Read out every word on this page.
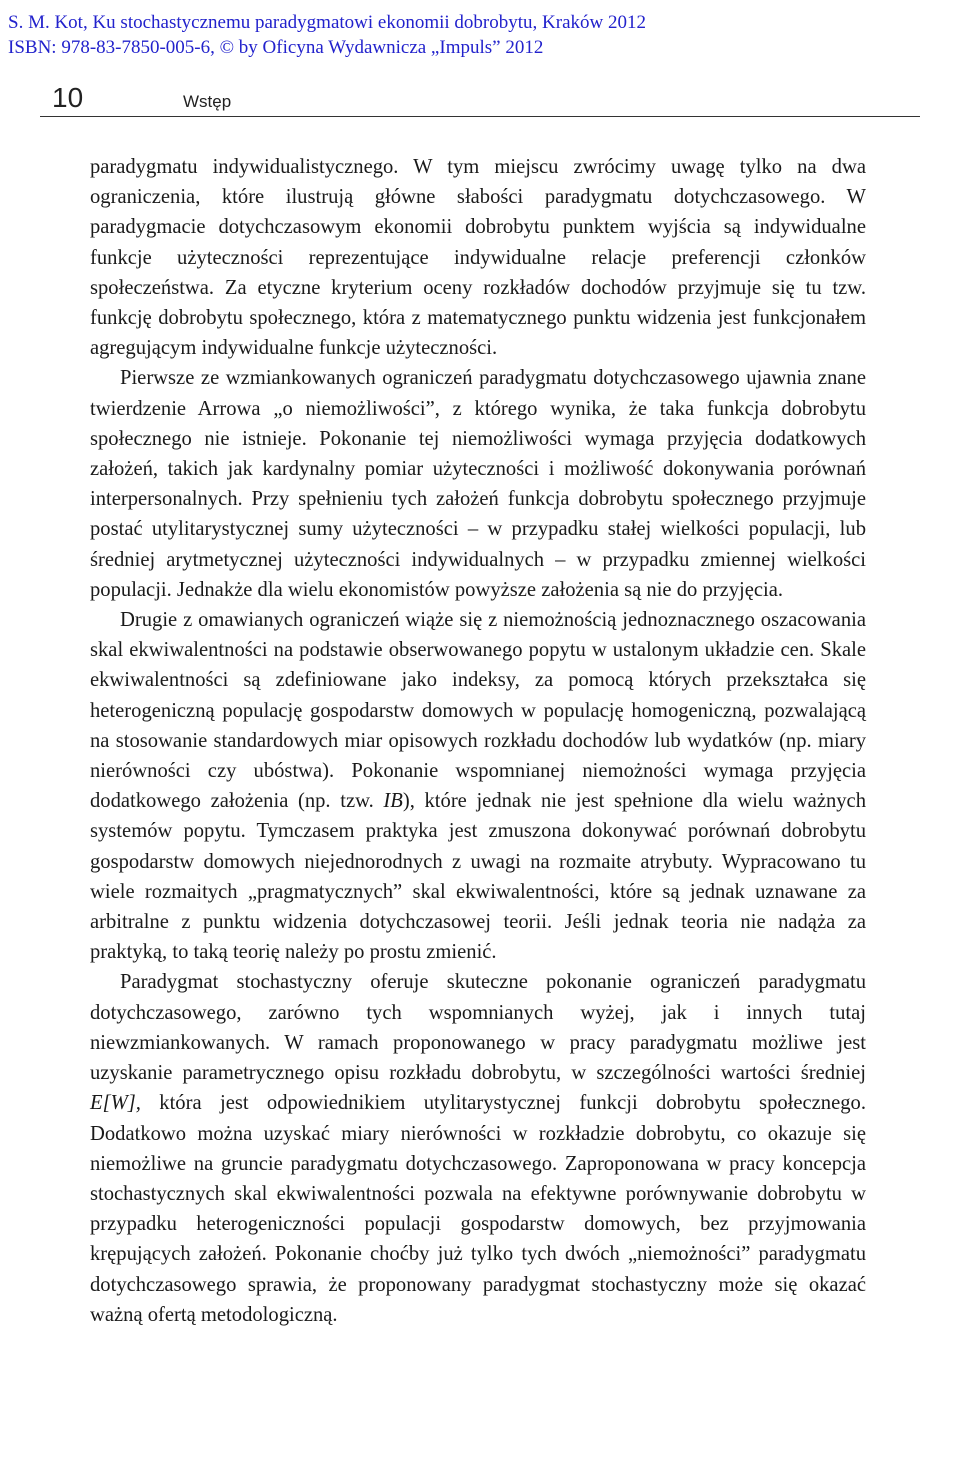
S. M. Kot, Ku stochastycznemu paradygmatowi ekonomii dobrobytu, Kraków 2012
ISBN: 978-83-7850-005-6, © by Oficyna Wydawnicza „Impuls” 2012
10	Wstęp

paradygmatu indywidualistycznego. W tym miejscu zwrócimy uwagę tylko na dwa ograniczenia, które ilustrują główne słabości paradygmatu dotychczasowego. W paradygmacie dotychczasowym ekonomii dobrobytu punktem wyjścia są indywidualne funkcje użyteczności reprezentujące indywidualne relacje preferencji członków społeczeństwa. Za etyczne kryterium oceny rozkładów dochodów przyjmuje się tu tzw. funkcję dobrobytu społecznego, która z matematycznego punktu widzenia jest funkcjonałem agregującym indywidualne funkcje użyteczności.

Pierwsze ze wzmiankowanych ograniczeń paradygmatu dotychczasowego ujawnia znane twierdzenie Arrowa „o niemożliwości”, z którego wynika, że taka funkcja dobrobytu społecznego nie istnieje. Pokonanie tej niemożliwości wymaga przyjęcia dodatkowych założeń, takich jak kardynalny pomiar użyteczności i możliwość dokonywania porównań interpersonalnych. Przy spełnieniu tych założeń funkcja dobrobytu społecznego przyjmuje postać utylitarystycznej sumy użyteczności – w przypadku stałej wielkości populacji, lub średniej arytmetycznej użyteczności indywidualnych – w przypadku zmiennej wielkości populacji. Jednakże dla wielu ekonomistów powyższe założenia są nie do przyjęcia.

Drugie z omawianych ograniczeń wiąże się z niemożnością jednoznacznego oszacowania skal ekwiwalentności na podstawie obserwowanego popytu w ustalonym układzie cen. Skale ekwiwalentności są zdefiniowane jako indeksy, za pomocą których przekształca się heterogeniczną populację gospodarstw domowych w populację homogeniczną, pozwalającą na stosowanie standardowych miar opisowych rozkładu dochodów lub wydatków (np. miary nierówności czy ubóstwa). Pokonanie wspomnianej niemożności wymaga przyjęcia dodatkowego założenia (np. tzw. IB), które jednak nie jest spełnione dla wielu ważnych systemów popytu. Tymczasem praktyka jest zmuszona dokonywać porównań dobrobytu gospodarstw domowych niejednorodnych z uwagi na rozmaite atrybuty. Wypracowano tu wiele rozmaitych „pragmatycznych” skal ekwiwalentności, które są jednak uznawane za arbitralne z punktu widzenia dotychczasowej teorii. Jeśli jednak teoria nie nadąża za praktyką, to taką teorię należy po prostu zmienić.

Paradygmat stochastyczny oferuje skuteczne pokonanie ograniczeń paradygmatu dotychczasowego, zarówno tych wspomnianych wyżej, jak i innych tutaj niewzmiankowanych. W ramach proponowanego w pracy paradygmatu możliwe jest uzyskanie parametrycznego opisu rozkładu dobrobytu, w szczególności wartości średniej E[W], która jest odpowiednikiem utylitarystycznej funkcji dobrobytu społecznego. Dodatkowo można uzyskać miary nierówności w rozkładzie dobrobytu, co okazuje się niemożliwe na gruncie paradygmatu dotychczasowego. Zaproponowana w pracy koncepcja stochastycznych skal ekwiwalentności pozwala na efektywne porównywanie dobrobytu w przypadku heterogeniczności populacji gospodarstw domowych, bez przyjmowania krępujących założeń. Pokonanie choćby już tylko tych dwóch „niemożności” paradygmatu dotychczasowego sprawia, że proponowany paradygmat stochastyczny może się okazać ważną ofertą metodologiczną.
